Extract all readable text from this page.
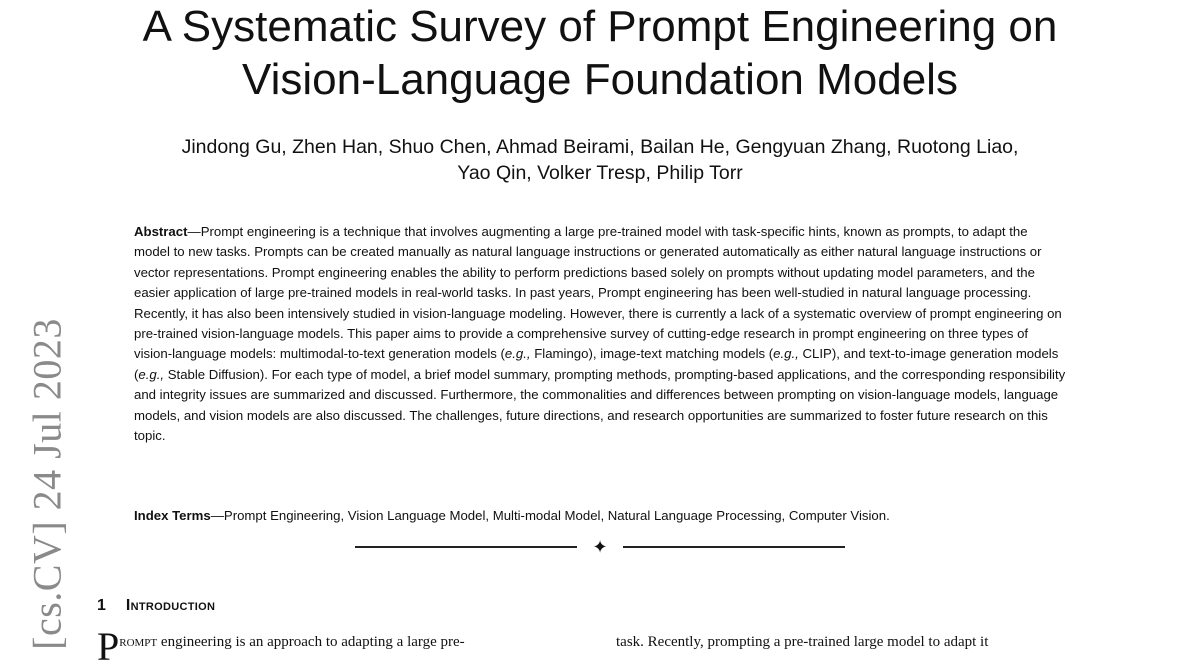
[cs.CV] 24 Jul 2023
A Systematic Survey of Prompt Engineering on
Vision-Language Foundation Models
Jindong Gu, Zhen Han, Shuo Chen, Ahmad Beirami, Bailan He, Gengyuan Zhang, Ruotong Liao,
Yao Qin, Volker Tresp, Philip Torr

Abstract—Prompt engineering is a technique that involves augmenting a large pre-trained model with task-specific hints, known as prompts, to adapt the model to new tasks. Prompts can be created manually as natural language instructions or generated automatically as either natural language instructions or vector representations. Prompt engineering enables the ability to perform predictions based solely on prompts without updating model parameters, and the easier application of large pre-trained models in real-world tasks. In past years, Prompt engineering has been well-studied in natural language processing. Recently, it has also been intensively studied in vision-language modeling. However, there is currently a lack of a systematic overview of prompt engineering on pre-trained vision-language models. This paper aims to provide a comprehensive survey of cutting-edge research in prompt engineering on three types of vision-language models: multimodal-to-text generation models (e.g., Flamingo), image-text matching models (e.g., CLIP), and text-to-image generation models (e.g., Stable Diffusion). For each type of model, a brief model summary, prompting methods, prompting-based applications, and the corresponding responsibility and integrity issues are summarized and discussed. Furthermore, the commonalities and differences between prompting on vision-language models, language models, and vision models are also discussed. The challenges, future directions, and research opportunities are summarized to foster future research on this topic.

Index Terms—Prompt Engineering, Vision Language Model, Multi-modal Model, Natural Language Processing, Computer Vision.

✦
1 Introduction
Prompt engineering is an approach to adapting a large pre-	task. Recently, prompting a pre-trained large model to adapt it
